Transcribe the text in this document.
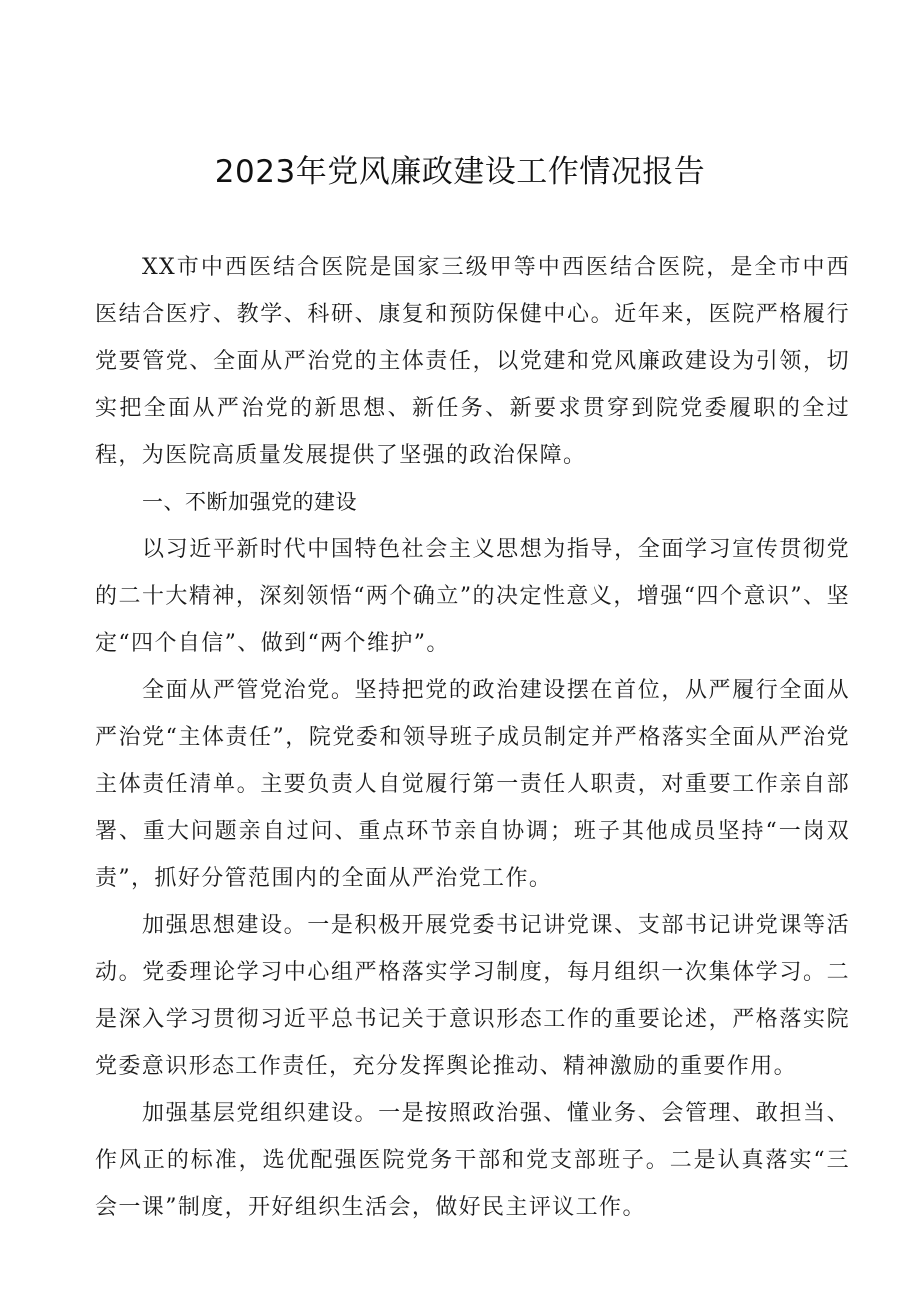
2023年党风廉政建设工作情况报告

XX市中西医结合医院是国家三级甲等中西医结合医院，是全市中西医结合医疗、教学、科研、康复和预防保健中心。近年来，医院严格履行党要管党、全面从严治党的主体责任，以党建和党风廉政建设为引领，切实把全面从严治党的新思想、新任务、新要求贯穿到院党委履职的全过程，为医院高质量发展提供了坚强的政治保障。

一、不断加强党的建设

以习近平新时代中国特色社会主义思想为指导，全面学习宣传贯彻党的二十大精神，深刻领悟“两个确立”的决定性意义，增强“四个意识”、坚定“四个自信”、做到“两个维护”。

全面从严管党治党。坚持把党的政治建设摆在首位，从严履行全面从严治党“主体责任”，院党委和领导班子成员制定并严格落实全面从严治党主体责任清单。主要负责人自觉履行第一责任人职责，对重要工作亲自部署、重大问题亲自过问、重点环节亲自协调；班子其他成员坚持“一岗双责”，抓好分管范围内的全面从严治党工作。

加强思想建设。一是积极开展党委书记讲党课、支部书记讲党课等活动。党委理论学习中心组严格落实学习制度，每月组织一次集体学习。二是深入学习贯彻习近平总书记关于意识形态工作的重要论述，严格落实院党委意识形态工作责任，充分发挥舆论推动、精神激励的重要作用。

加强基层党组织建设。一是按照政治强、懂业务、会管理、敢担当、作风正的标准，选优配强医院党务干部和党支部班子。二是认真落实“三会一课”制度，开好组织生活会，做好民主评议工作。
